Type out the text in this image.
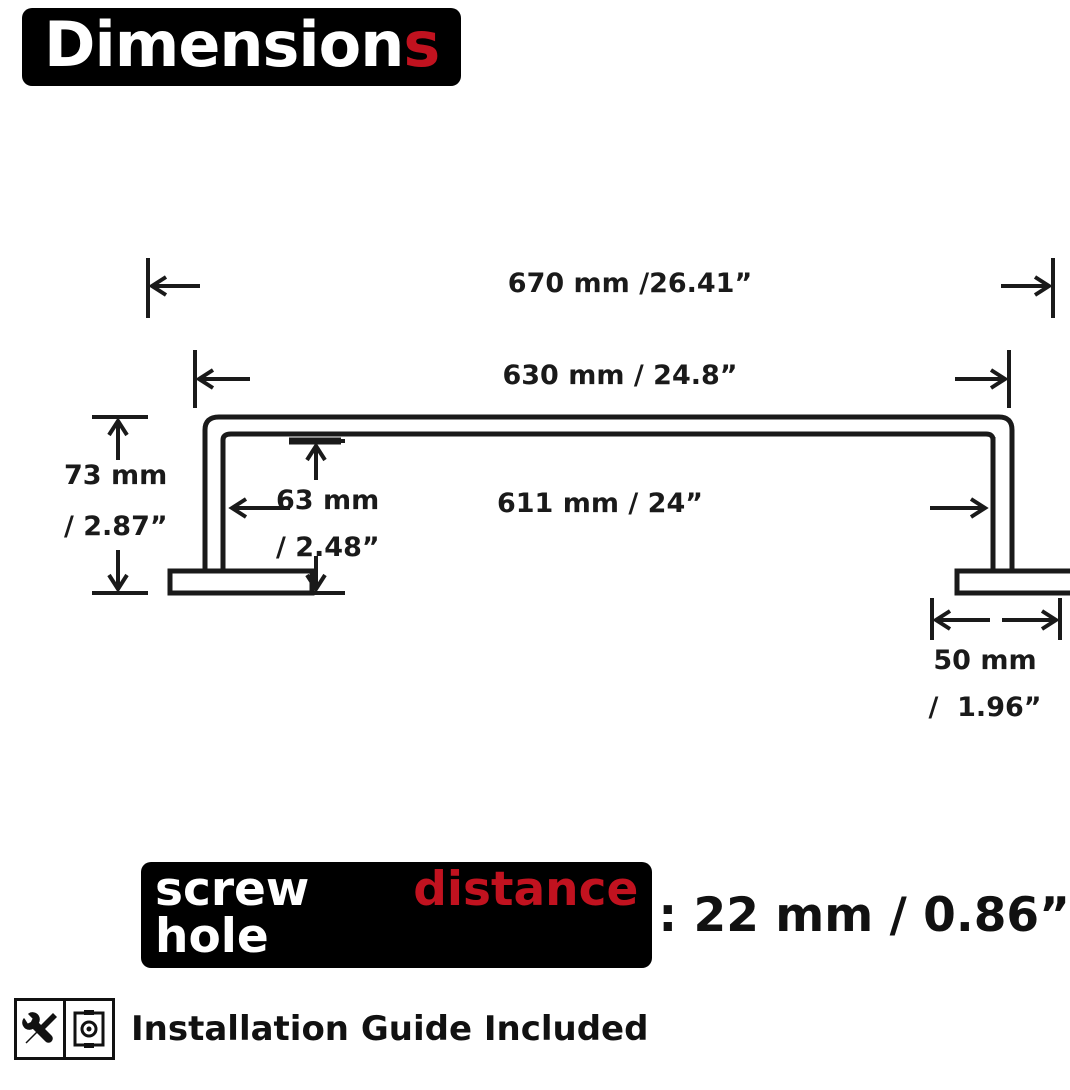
Dimension s
670 mm /26.41”
630 mm / 24.8”
611 mm / 24”
73 mm
/ 2.87”
63 mm
/ 2.48”
50 mm
/  1.96”
screw hole
distance : 22 mm / 0.86”
Installation Guide Included
